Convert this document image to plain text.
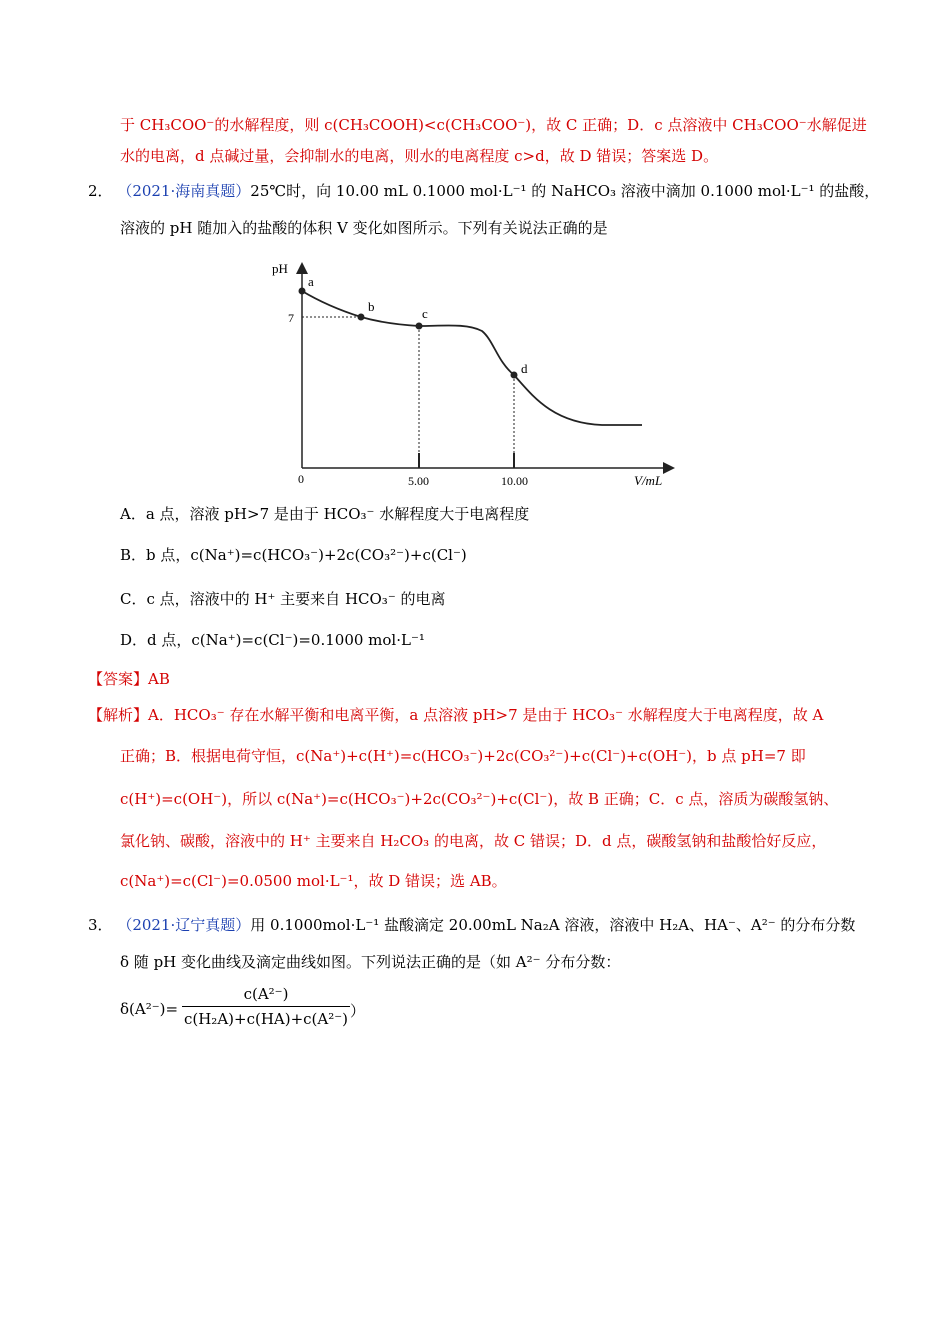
于 CH₃COO⁻的水解程度，则 c(CH₃COOH)<c(CH₃COO⁻)，故 C 正确；D．c 点溶液中 CH₃COO⁻水解促进
水的电离，d 点碱过量，会抑制水的电离，则水的电离程度 c>d，故 D 错误；答案选 D。
2． （2021·海南真题）25℃时，向 10.00 mL 0.1000 mol·L⁻¹ 的 NaHCO₃ 溶液中滴加 0.1000 mol·L⁻¹ 的盐酸，
溶液的 pH 随加入的盐酸的体积 V 变化如图所示。下列有关说法正确的是
pH
V/mL
7
0	5.00	10.00
a
b	c
d
A．a 点，溶液 pH>7 是由于 HCO₃⁻ 水解程度大于电离程度
B．b 点，c(Na⁺)=c(HCO₃⁻)+2c(CO₃²⁻)+c(Cl⁻)
C．c 点，溶液中的 H⁺ 主要来自 HCO₃⁻ 的电离
D．d 点，c(Na⁺)=c(Cl⁻)=0.1000 mol·L⁻¹
【答案】AB
【解析】A．HCO₃⁻ 存在水解平衡和电离平衡，a 点溶液 pH>7 是由于 HCO₃⁻ 水解程度大于电离程度，故 A
正确；B．根据电荷守恒，c(Na⁺)+c(H⁺)=c(HCO₃⁻)+2c(CO₃²⁻)+c(Cl⁻)+c(OH⁻)，b 点 pH=7 即
c(H⁺)=c(OH⁻)，所以 c(Na⁺)=c(HCO₃⁻)+2c(CO₃²⁻)+c(Cl⁻)，故 B 正确；C．c 点，溶质为碳酸氢钠、
氯化钠、碳酸，溶液中的 H⁺ 主要来自 H₂CO₃ 的电离，故 C 错误；D．d 点，碳酸氢钠和盐酸恰好反应，
c(Na⁺)=c(Cl⁻)=0.0500 mol·L⁻¹，故 D 错误；选 AB。
3． （2021·辽宁真题）用 0.1000mol·L⁻¹ 盐酸滴定 20.00mL Na₂A 溶液，溶液中 H₂A、HA⁻、A²⁻ 的分布分数
δ 随 pH 变化曲线及滴定曲线如图。下列说法正确的是（如 A²⁻ 分布分数：
$\delta(A^{2-})= \frac{\text{c(A²⁻)}}{\text{c(H₂A)+c(HA)+c(A²⁻)}}$ ）
